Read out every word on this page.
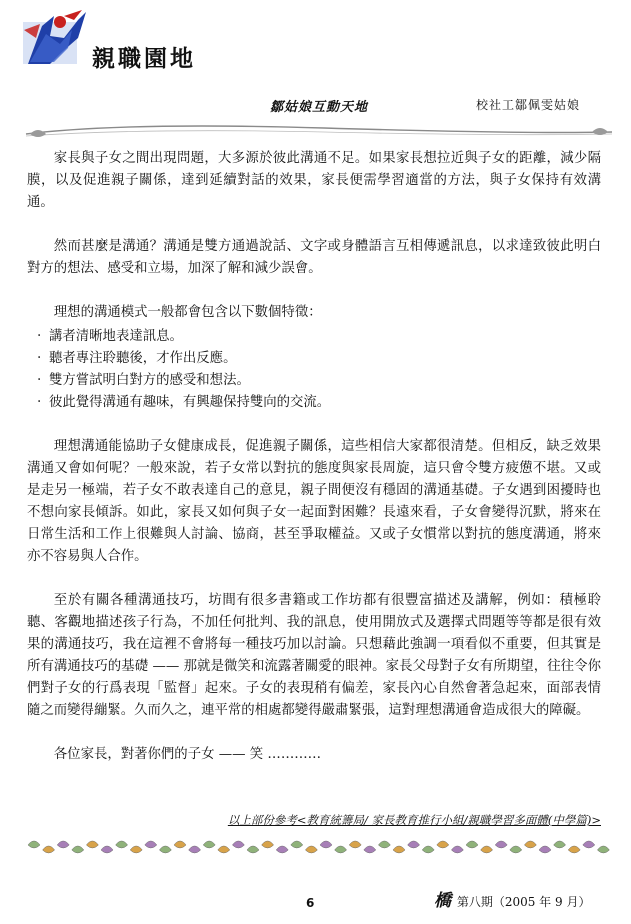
親職園地
鄒姑娘互動天地	校社工鄒佩雯姑娘

家長與子女之間出現問題，大多源於彼此溝通不足。如果家長想拉近與子女的距離，減少隔膜，以及促進親子關係，達到延續對話的效果，家長便需學習適當的方法，與子女保持有效溝通。

然而甚麼是溝通？溝通是雙方通過說話、文字或身體語言互相傳遞訊息，以求達致彼此明白對方的想法、感受和立場，加深了解和減少誤會。

理想的溝通模式一般都會包含以下數個特徵：

‧ 講者清晰地表達訊息。
‧ 聽者專注聆聽後，才作出反應。
‧ 雙方嘗試明白對方的感受和想法。
‧ 彼此覺得溝通有趣味，有興趣保持雙向的交流。

理想溝通能協助子女健康成長，促進親子關係，這些相信大家都很清楚。但相反，缺乏效果溝通又會如何呢？一般來說，若子女常以對抗的態度與家長周旋，這只會令雙方疲憊不堪。又或是走另一極端，若子女不敢表達自己的意見，親子間便沒有穩固的溝通基礎。子女遇到困擾時也不想向家長傾訴。如此，家長又如何與子女一起面對困難？長遠來看，子女會變得沉默，將來在日常生活和工作上很難與人討論、協商，甚至爭取權益。又或子女慣常以對抗的態度溝通，將來亦不容易與人合作。

至於有關各種溝通技巧，坊間有很多書籍或工作坊都有很豐富描述及講解，例如：積極聆聽、客觀地描述孩子行為，不加任何批判、我的訊息，使用開放式及選擇式問題等等都是很有效果的溝通技巧，我在這裡不會將每一種技巧加以討論。只想藉此強調一項看似不重要，但其實是所有溝通技巧的基礎 —— 那就是微笑和流露著關愛的眼神。家長父母對子女有所期望，往往令你們對子女的行爲表現「監督」起來。子女的表現稍有偏差，家長內心自然會著急起來，面部表情隨之而變得繃緊。久而久之，連平常的相處都變得嚴肅緊張，這對理想溝通會造成很大的障礙。

各位家長，對著你們的子女 —— 笑 …………

以上部份參考<教育統籌局/ 家長教育推行小組/親職學習多面體(中學篇)>
6	橋 第八期（2005 年 9 月）
